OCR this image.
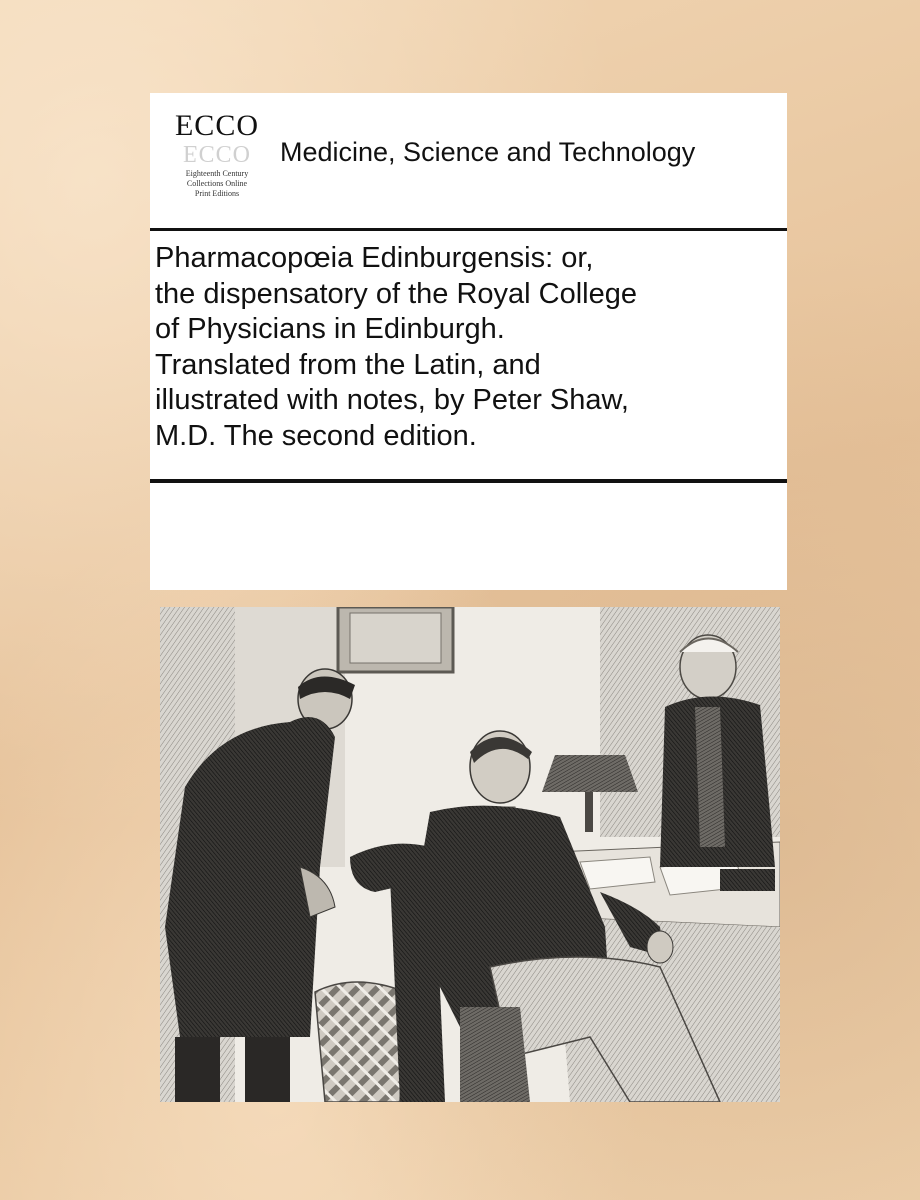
ECCO
ECCO
Eighteenth Century
Collections Online
Print Editions
Medicine, Science and Technology
Pharmacopœia Edinburgensis: or,
the dispensatory of the Royal College
of Physicians in Edinburgh.
Translated from the Latin, and
illustrated with notes, by Peter Shaw,
M.D. The second edition.
